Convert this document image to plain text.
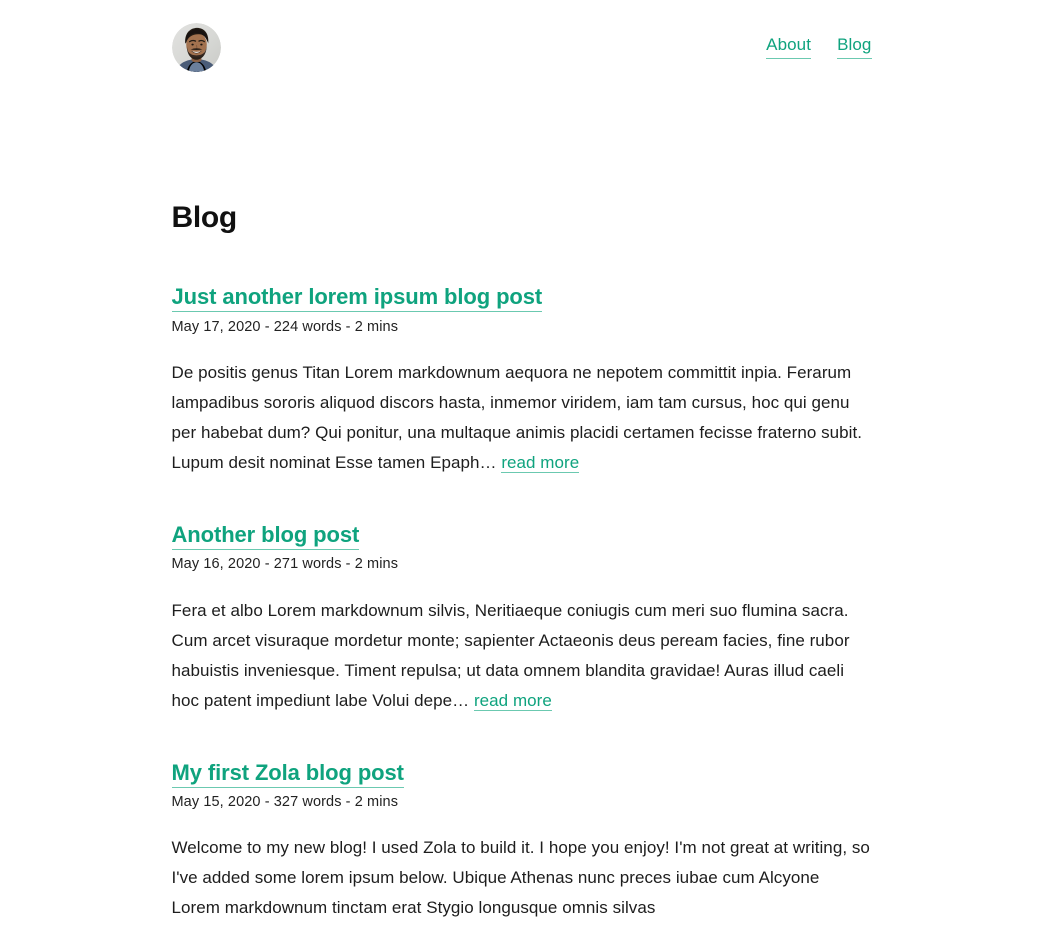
About Blog
Blog
Just another lorem ipsum blog post
May 17, 2020 - 224 words - 2 mins

De positis genus Titan Lorem markdownum aequora ne nepotem committit inpia. Ferarum lampadibus sororis aliquod discors hasta, inmemor viridem, iam tam cursus, hoc qui genu per habebat dum? Qui ponitur, una multaque animis placidi certamen fecisse fraterno subit. Lupum desit nominat Esse tamen Epaph… read more

Another blog post
May 16, 2020 - 271 words - 2 mins

Fera et albo Lorem markdownum silvis, Neritiaeque coniugis cum meri suo flumina sacra. Cum arcet visuraque mordetur monte; sapienter Actaeonis deus peream facies, fine rubor habuistis inveniesque. Timent repulsa; ut data omnem blandita gravidae! Auras illud caeli hoc patent impediunt labe Volui depe… read more

My first Zola blog post
May 15, 2020 - 327 words - 2 mins

Welcome to my new blog! I used Zola to build it. I hope you enjoy! I'm not great at writing, so I've added some lorem ipsum below. Ubique Athenas nunc preces iubae cum Alcyone Lorem markdownum tinctam erat Stygio longusque omnis silvas
